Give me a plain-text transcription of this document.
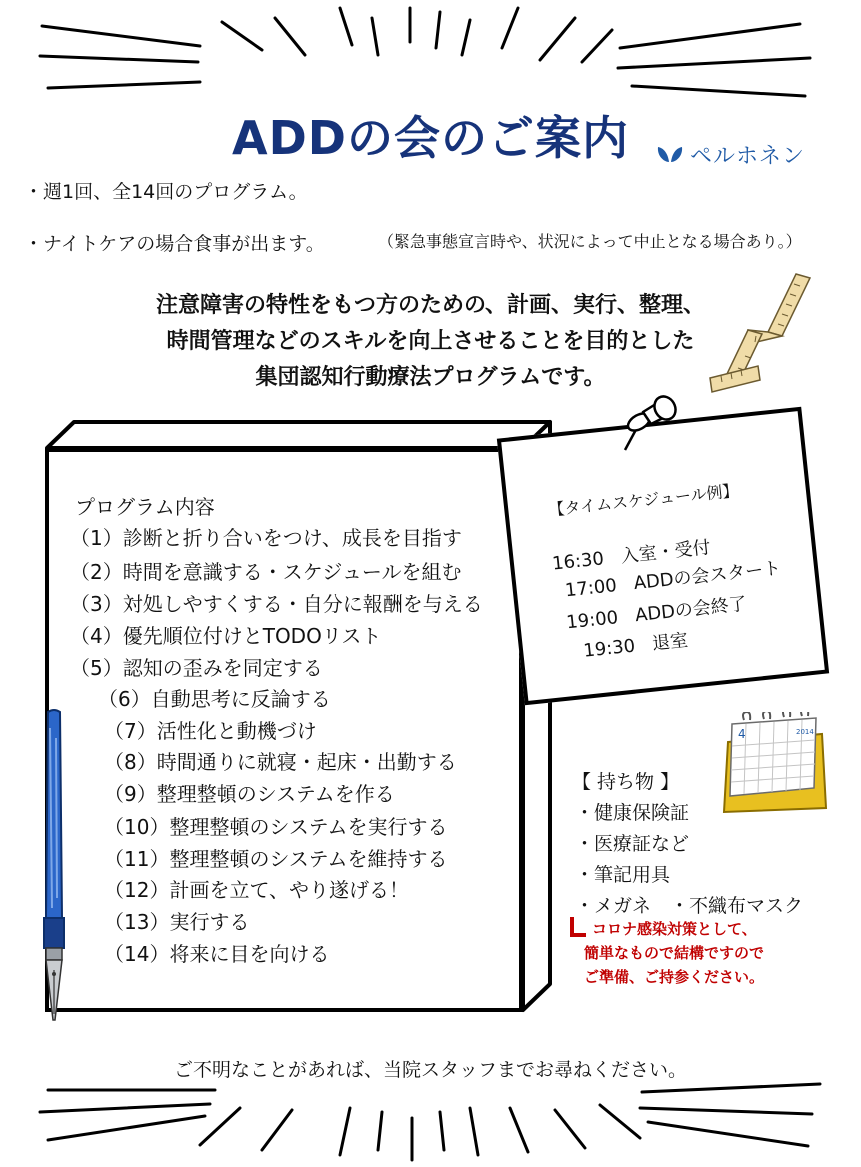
ADDの会のご案内	ペルホネン
・週1回、全14回のプログラム。
・ナイトケアの場合食事が出ます。	（緊急事態宣言時や、状況によって中止となる場合あり。）
注意障害の特性をもつ方のための、計画、実行、整理、
時間管理などのスキルを向上させることを目的とした
集団認知行動療法プログラムです。
プログラム内容
（1）診断と折り合いをつけ、成長を目指す
（2）時間を意識する・スケジュールを組む
（3）対処しやすくする・自分に報酬を与える
（4）優先順位付けとTODOリスト
（5）認知の歪みを同定する
（6）自動思考に反論する
（7）活性化と動機づけ
（8）時間通りに就寝・起床・出勤する
（9）整理整頓のシステムを作る
（10）整理整頓のシステムを実行する
（11）整理整頓のシステムを維持する
（12）計画を立て、やり遂げる！
（13）実行する
（14）将来に目を向ける
【タイムスケジュール例】
16:30 入室・受付
17:00 ADDの会スタート
19:00 ADDの会終了
19:30 退室
4	2014
【 持ち物 】
・健康保険証
・医療証など
・筆記用具
・メガネ　・不織布マスク
コロナ感染対策として、
簡単なもので結構ですので
ご準備、ご持参ください。
ご不明なことがあれば、当院スタッフまでお尋ねください。
